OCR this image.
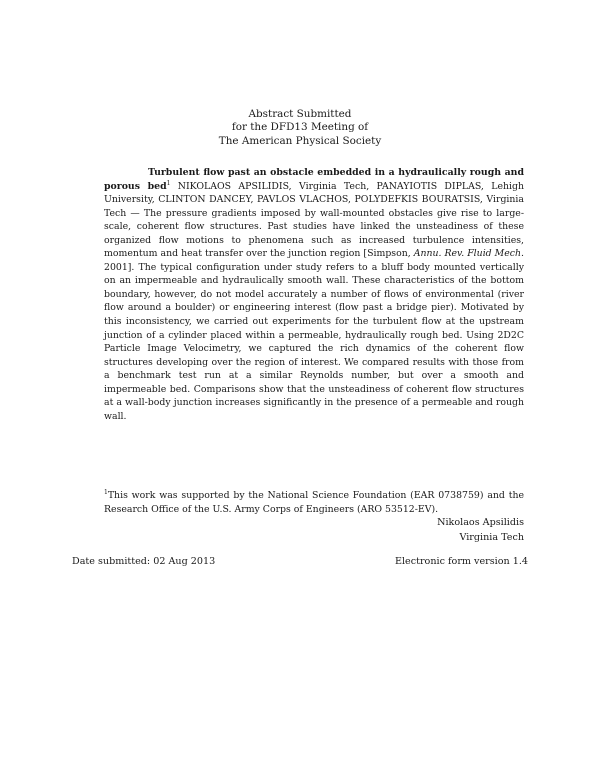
Abstract Submitted
for the DFD13 Meeting of
The American Physical Society

Turbulent flow past an obstacle embedded in a hydraulically rough and porous bed$^1$ NIKOLAOS APSILIDIS, Virginia Tech, PANAYIOTIS DIPLAS, Lehigh University, CLINTON DANCEY, PAVLOS VLACHOS, POLYDEFKIS BOURATSIS, Virginia Tech — The pressure gradients imposed by wall-mounted obstacles give rise to large-scale, coherent flow structures. Past studies have linked the unsteadiness of these organized flow motions to phenomena such as increased turbulence intensities, momentum and heat transfer over the junction region [Simpson, Annu. Rev. Fluid Mech. 2001]. The typical configuration under study refers to a bluff body mounted vertically on an impermeable and hydraulically smooth wall. These characteristics of the bottom boundary, however, do not model accurately a number of flows of environmental (river flow around a boulder) or engineering interest (flow past a bridge pier). Motivated by this inconsistency, we carried out experiments for the turbulent flow at the upstream junction of a cylinder placed within a permeable, hydraulically rough bed. Using 2D2C Particle Image Velocimetry, we captured the rich dynamics of the coherent flow structures developing over the region of interest. We compared results with those from a benchmark test run at a similar Reynolds number, but over a smooth and impermeable bed. Comparisons show that the unsteadiness of coherent flow structures at a wall-body junction increases significantly in the presence of a permeable and rough wall.

$^1$This work was supported by the National Science Foundation (EAR 0738759) and the Research Office of the U.S. Army Corps of Engineers (ARO 53512-EV).

Nikolaos Apsilidis
Virginia Tech
Date submitted: 02 Aug 2013	Electronic form version 1.4
